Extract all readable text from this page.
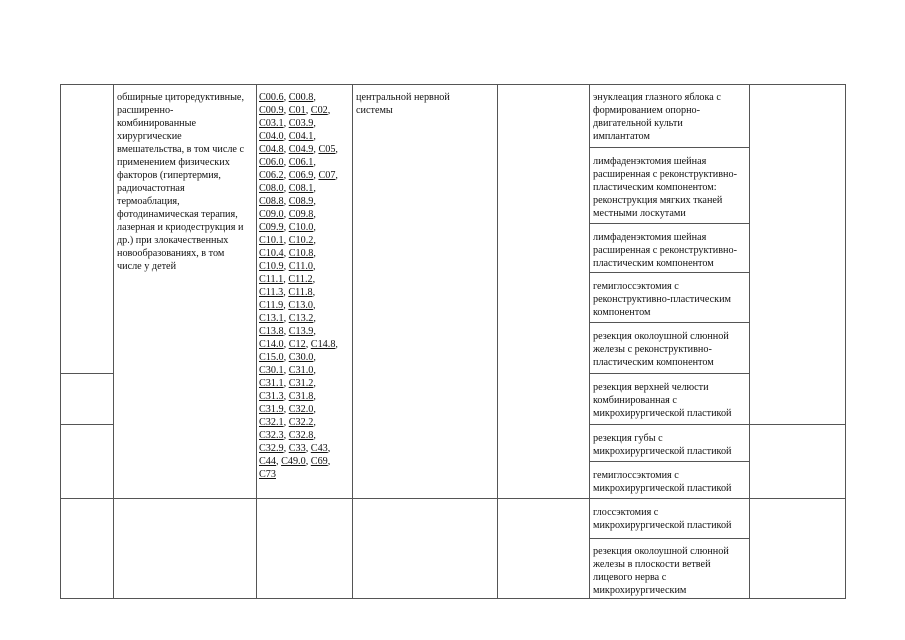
обширные циторедуктивные,
расширенно-
комбинированные
хирургические
вмешательства, в том числе с
применением физических
факторов (гипертермия,
радиочастотная
термоаблация,
фотодинамическая терапия,
лазерная и криодеструкция и
др.) при злокачественных
новообразованиях, в том
числе у детей
C00.6, C00.8,
C00.9, C01, C02,
C03.1, C03.9,
C04.0, C04.1,
C04.8, C04.9, C05,
C06.0, C06.1,
C06.2, C06.9, C07,
C08.0, C08.1,
C08.8, C08.9,
C09.0, C09.8,
C09.9, C10.0,
C10.1, C10.2,
C10.4, C10.8,
C10.9, C11.0,
C11.1, C11.2,
C11.3, C11.8,
C11.9, C13.0,
C13.1, C13.2,
C13.8, C13.9,
C14.0, C12, C14.8,
C15.0, C30.0,
C30.1, C31.0,
C31.1, C31.2,
C31.3, C31.8,
C31.9, C32.0,
C32.1, C32.2,
C32.3, C32.8,
C32.9, C33, C43,
C44, C49.0, C69,
C73
центральной нервной
системы
энуклеация глазного яблока с
формированием опорно-
двигательной культи
имплантатом
лимфаденэктомия шейная
расширенная с реконструктивно-
пластическим компонентом:
реконструкция мягких тканей
местными лоскутами
лимфаденэктомия шейная
расширенная с реконструктивно-
пластическим компонентом
гемиглоссэктомия с
реконструктивно-пластическим
компонентом
резекция околоушной слюнной
железы с реконструктивно-
пластическим компонентом
резекция верхней челюсти
комбинированная с
микрохирургической пластикой
резекция губы с
микрохирургической пластикой
гемиглоссэктомия с
микрохирургической пластикой
глоссэктомия с
микрохирургической пластикой
резекция околоушной слюнной
железы в плоскости ветвей
лицевого нерва с
микрохирургическим
